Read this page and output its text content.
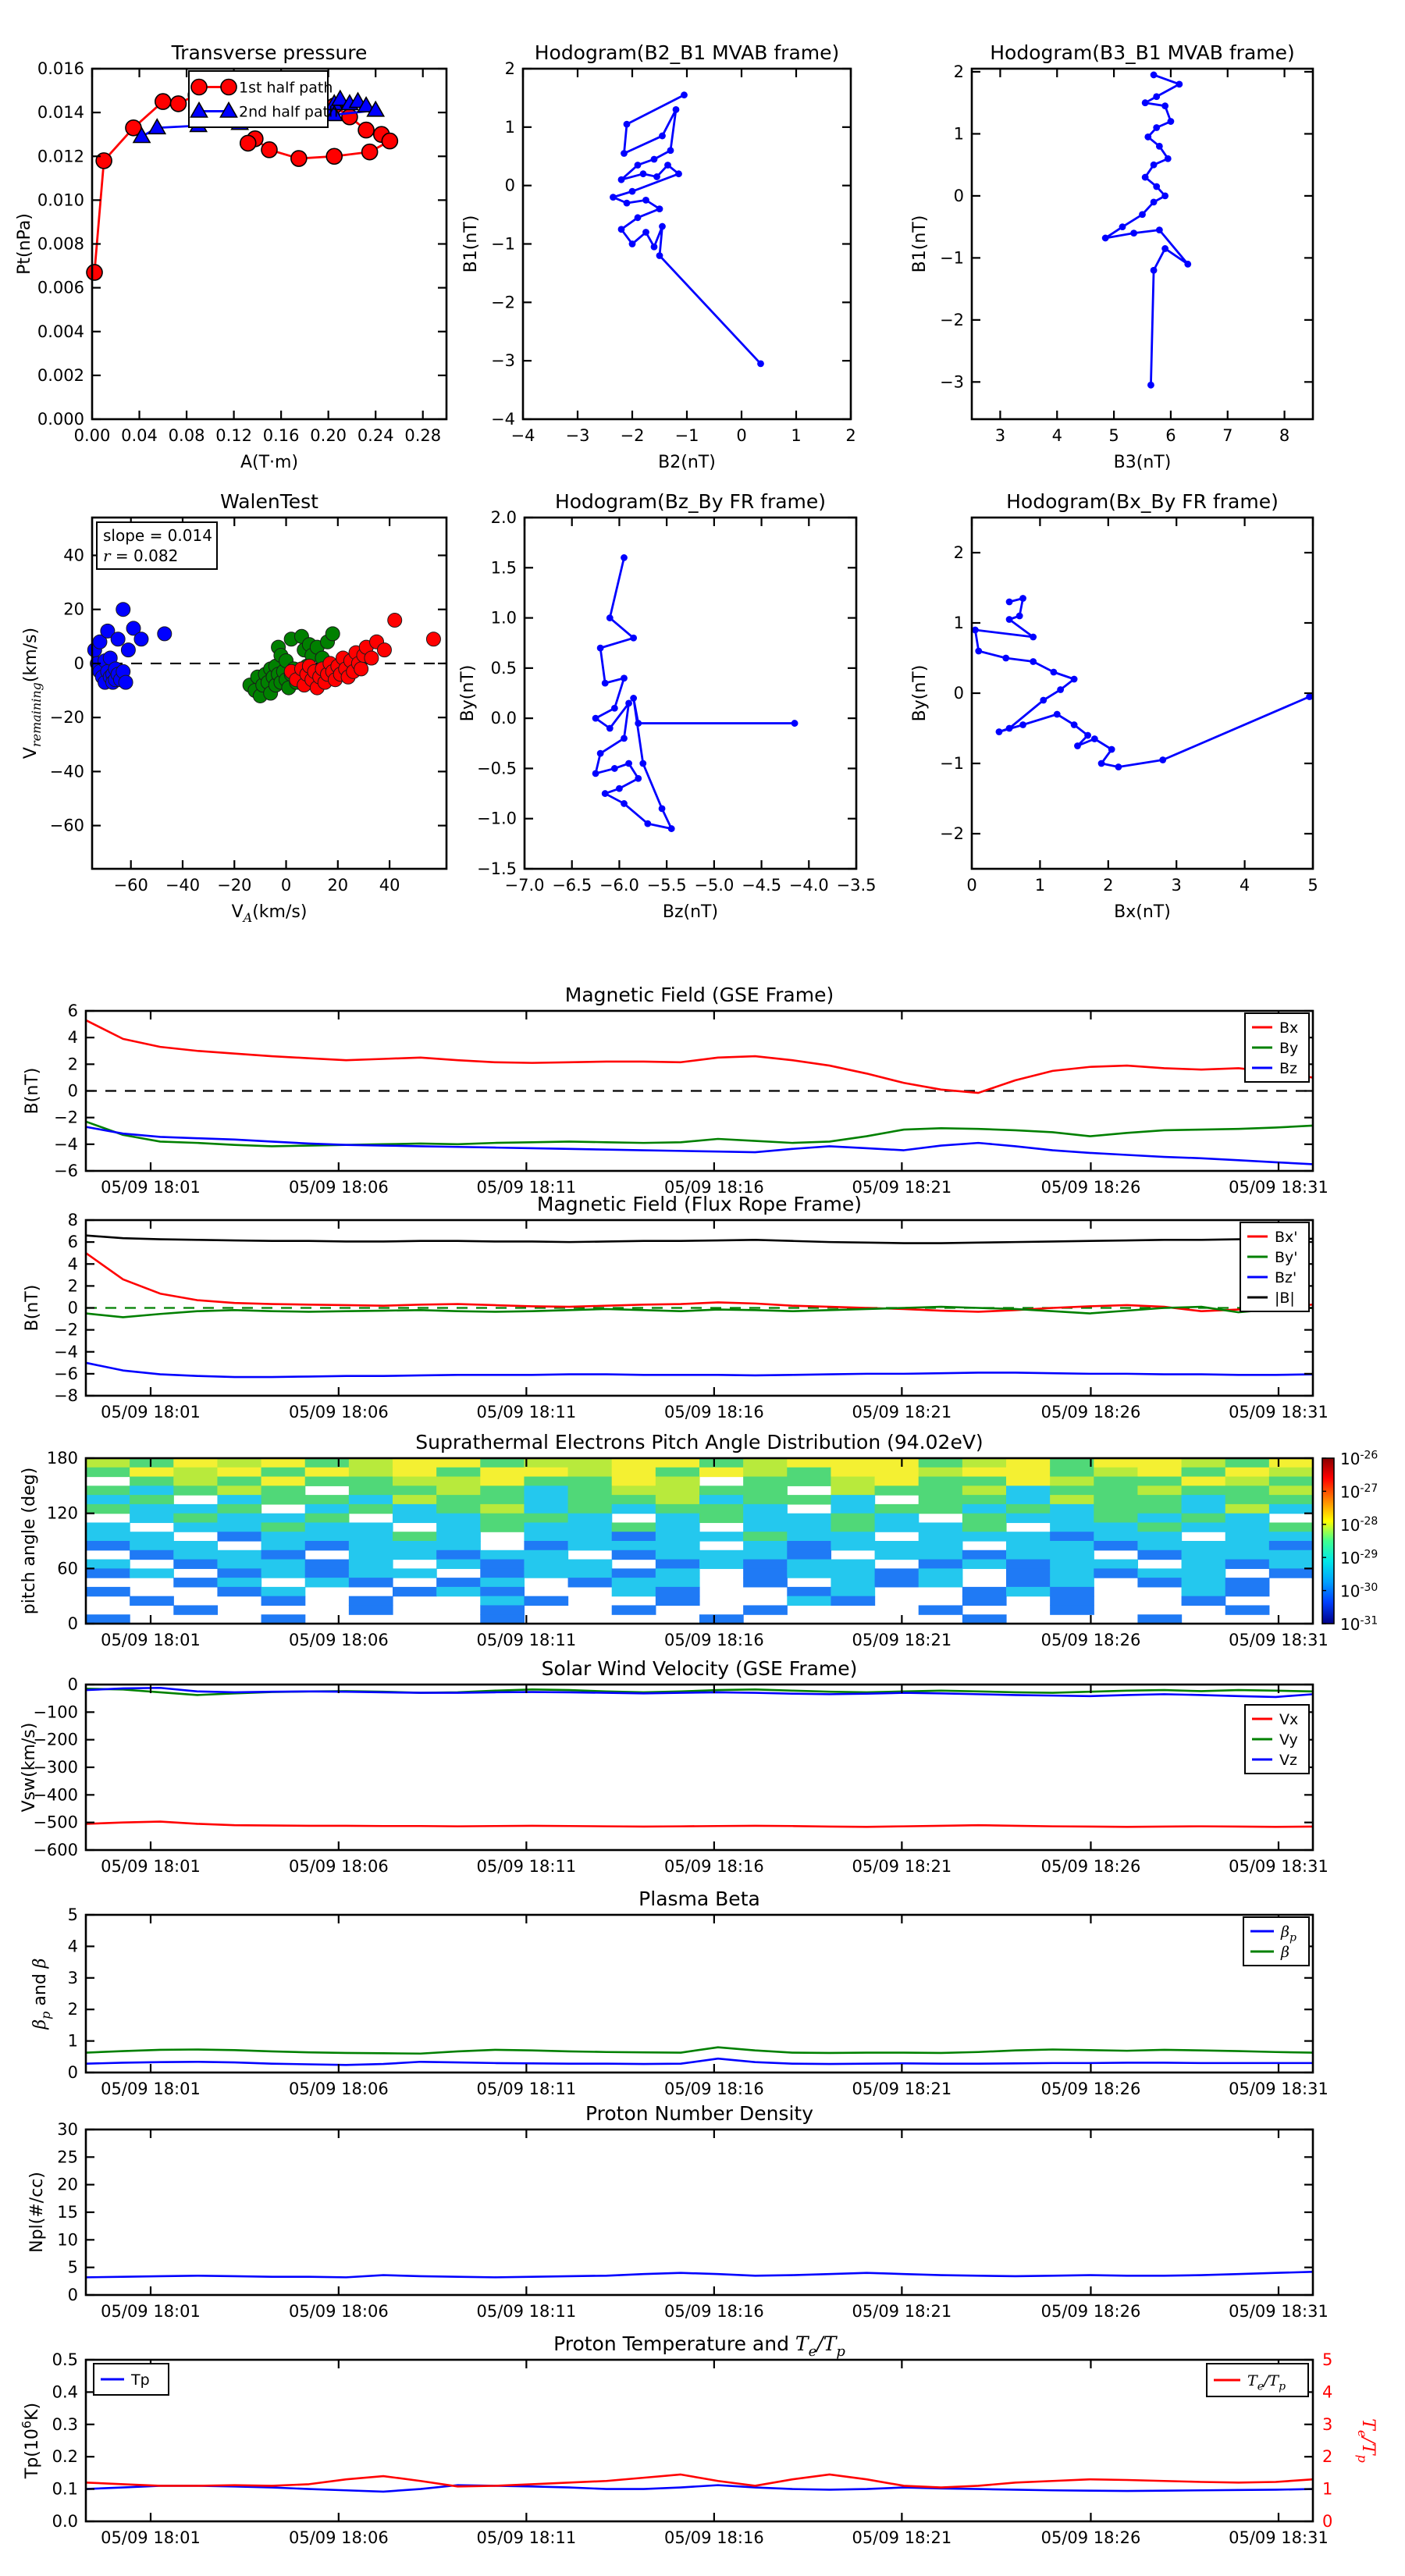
Transverse pressure
0.00 0.04 0.08 0.12 0.16 0.20 0.24 0.28
0.000
0.002
0.004
0.006
0.008
0.010
0.012
0.014
0.016
A(T·m)
Pt(nPa)
1st half path
2nd half path
Hodogram(B2_B1 MVAB frame)
−4 −3 −2 −1 0	1	2
−4
−3
−2
−1
0
1
2
B2(nT)
B1(nT)
Hodogram(B3_B1 MVAB frame)
3	4	5	6	7	8
−3
−2
−1
0
1
2
B3(nT)
B1(nT)
WalenTest
−60 −40 −20 0 20 40
40
20
0
−20
−40
−60
$V_A(km/s)$
$V_{remaining}(km/s)$
slope = 0.014
r = 0.082
Hodogram(Bz_By FR frame)
−7.0 −6.5 −6.0 −5.5 −5.0 −4.5 −4.0 −3.5
−1.5
−1.0
−0.5
0.0
0.5
1.0
1.5
2.0
Bz(nT)
By(nT)
Hodogram(Bx_By FR frame)
0	1	2	3	4	5
−2
−1
0
1
2
Bx(nT)
By(nT)
Magnetic Field (GSE Frame)
05/09 18:01	05/09 18:06	05/09 18:11	05/09 18:16	05/09 18:21	05/09 18:26	05/09 18:31
−6
−4
−2
0
2
4
6
B(nT)
Bx
By
Bz
Magnetic Field (Flux Rope Frame)
05/09 18:01	05/09 18:06	05/09 18:11	05/09 18:16	05/09 18:21	05/09 18:26	05/09 18:31
−8
−6
−4
−2
0
2
4
6
8
B(nT)
Bx'
By'
Bz'
|B|
Suprathermal Electrons Pitch Angle Distribution (94.02eV)
05/09 18:01	05/09 18:06	05/09 18:11	05/09 18:16	05/09 18:21	05/09 18:26	05/09 18:31
0
60
120
180
pitch angle (deg)
$10^{-26}$
$10^{-27}$
$10^{-28}$
$10^{-29}$
$10^{-30}$
$10^{-31}$
Solar Wind Velocity (GSE Frame)
05/09 18:01	05/09 18:06	05/09 18:11	05/09 18:16	05/09 18:21	05/09 18:26	05/09 18:31
0
−100
−200
−300
−400
−500
−600
Vsw(km/s)
Vx
Vy
Vz
Plasma Beta
05/09 18:01	05/09 18:06	05/09 18:11	05/09 18:16	05/09 18:21	05/09 18:26	05/09 18:31
0
1
2
3
4
5
$\beta_p$ and β
$\beta_p$
β
Proton Number Density
05/09 18:01	05/09 18:06	05/09 18:11	05/09 18:16	05/09 18:21	05/09 18:26	05/09 18:31
0
5
10
15
20
25
30
Npl(#/cc)
Proton Temperature and $T_e/T_p$
05/09 18:01	05/09 18:06	05/09 18:11	05/09 18:16	05/09 18:21	05/09 18:26	05/09 18:31
0.0
0.1
0.2
0.3
0.4
0.5
$Tp(10^6K)$
0
1
2
3
4
5
$T_e/T_p$
Tp	$T_e/T_p$
